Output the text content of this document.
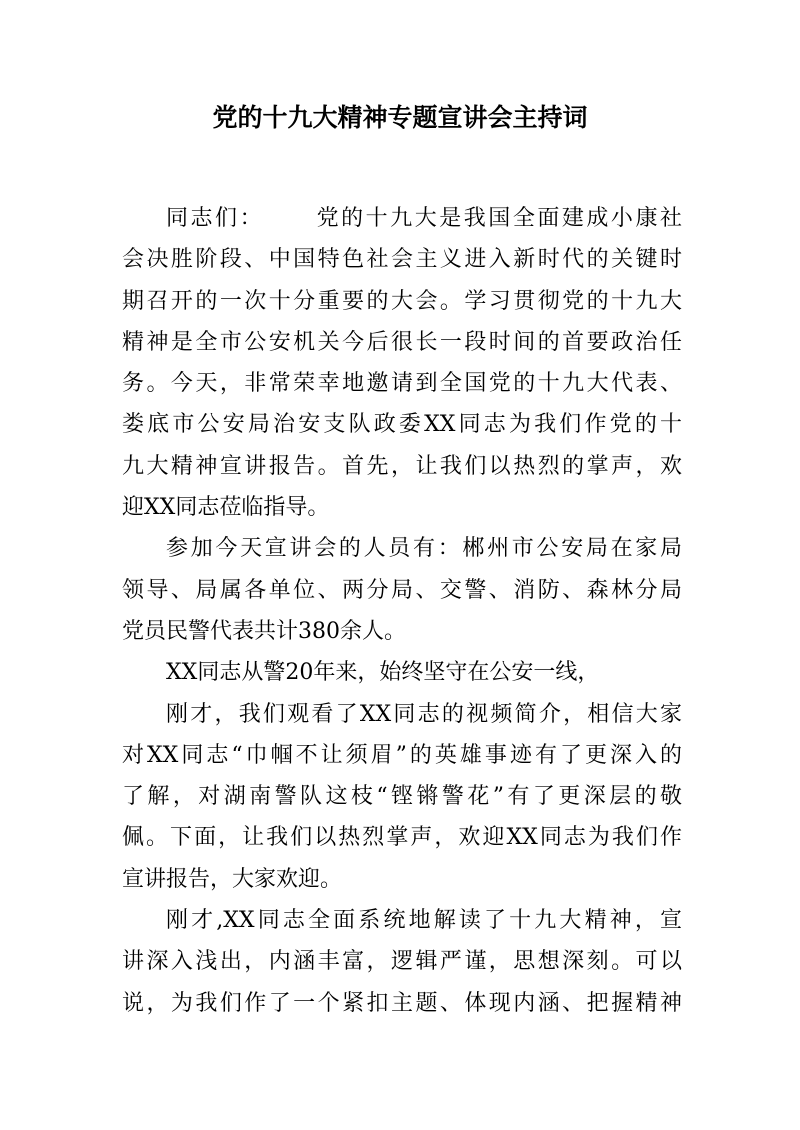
党的十九大精神专题宣讲会主持词
同志们： 党的十九大是我国全面建成小康社
会决胜阶段、中国特色社会主义进入新时代的关键时
期召开的一次十分重要的大会。学习贯彻党的十九大
精神是全市公安机关今后很长一段时间的首要政治任
务。今天，非常荣幸地邀请到全国党的十九大代表、
娄底市公安局治安支队政委XX同志为我们作党的十
九大精神宣讲报告。首先，让我们以热烈的掌声，欢
迎XX同志莅临指导。
参加今天宣讲会的人员有：郴州市公安局在家局
领导、局属各单位、两分局、交警、消防、森林分局
党员民警代表共计380余人。
XX同志从警20年来，始终坚守在公安一线，
刚才，我们观看了XX同志的视频简介，相信大家
对XX同志“巾帼不让须眉”的英雄事迹有了更深入的
了解，对湖南警队这枝“铿锵警花”有了更深层的敬
佩。下面，让我们以热烈掌声，欢迎XX同志为我们作
宣讲报告，大家欢迎。
刚才,XX同志全面系统地解读了十九大精神，宣
讲深入浅出，内涵丰富，逻辑严谨，思想深刻。可以
说，为我们作了一个紧扣主题、体现内涵、把握精神
